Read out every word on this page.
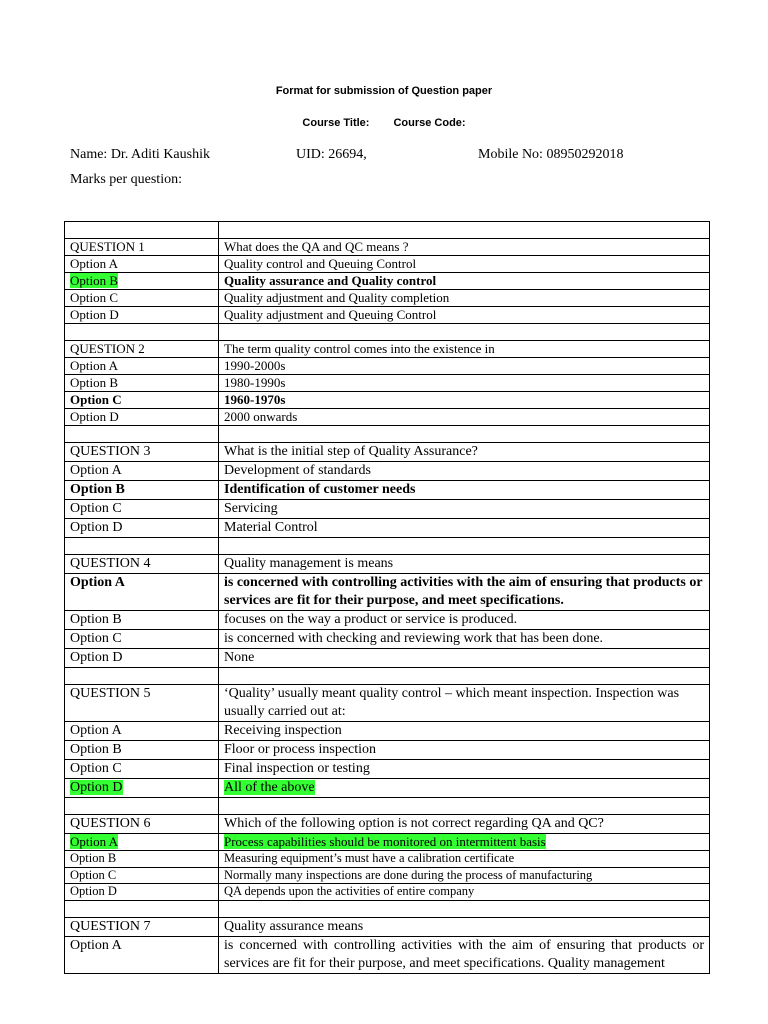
Format for submission of Question paper
Course Title: Course Code:
Name: Dr. Aditi Kaushik	UID: 26694,	Mobile No: 08950292018
Marks per question:

QUESTION 1	What does the QA and QC means ?
Option A	Quality control and Queuing Control
Option B	Quality assurance and Quality control
Option C	Quality adjustment and Quality completion
Option D	Quality adjustment and Queuing Control

QUESTION 2	The term quality control comes into the existence in
Option A	1990-2000s
Option B	1980-1990s
Option C	1960-1970s
Option D	2000 onwards

QUESTION 3	What is the initial step of Quality Assurance?
Option A	Development of standards
Option B	Identification of customer needs
Option C	Servicing
Option D	Material Control

QUESTION 4	Quality management is means
Option A	is concerned with controlling activities with the aim of ensuring that products or services are fit for their purpose, and meet specifications.
Option B	focuses on the way a product or service is produced.
Option C	is concerned with checking and reviewing work that has been done.
Option D	None

QUESTION 5	‘Quality’ usually meant quality control – which meant inspection. Inspection was usually carried out at:
Option A	Receiving inspection
Option B	Floor or process inspection
Option C	Final inspection or testing
Option D	All of the above

QUESTION 6	Which of the following option is not correct regarding QA and QC?
Option A	Process capabilities should be monitored on intermittent basis
Option B	Measuring equipment’s must have a calibration certificate
Option C	Normally many inspections are done during the process of manufacturing
Option D	QA depends upon the activities of entire company

QUESTION 7	Quality assurance means
Option A	is concerned with controlling activities with the aim of ensuring that products or services are fit for their purpose, and meet specifications. Quality management
